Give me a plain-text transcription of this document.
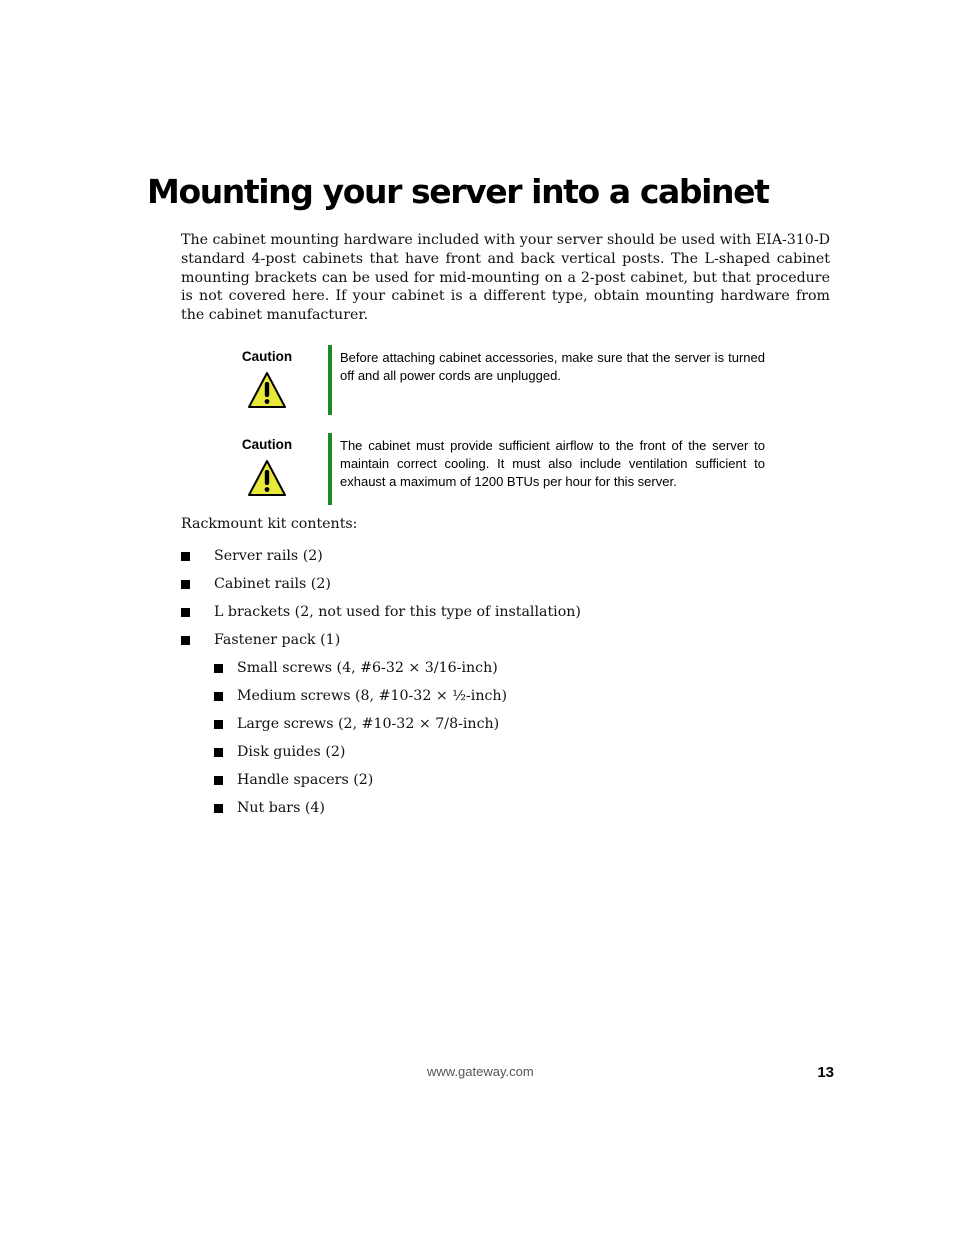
Mounting your server into a cabinet

The cabinet mounting hardware included with your server should be used with EIA-310-D standard 4-post cabinets that have front and back vertical posts. The L-shaped cabinet mounting brackets can be used for mid-mounting on a 2-post cabinet, but that procedure is not covered here. If your cabinet is a different type, obtain mounting hardware from the cabinet manufacturer.

Caution	Before attaching cabinet accessories, make sure that the server is turned off and all power cords are unplugged.

Caution	The cabinet must provide sufficient airflow to the front of the server to maintain correct cooling. It must also include ventilation sufficient to exhaust a maximum of 1200 BTUs per hour for this server.

Rackmount kit contents:

Server rails (2)
Cabinet rails (2)
L brackets (2, not used for this type of installation)
Fastener pack (1)
Small screws (4, #6-32 × 3/16-inch)
Medium screws (8, #10-32 × ½-inch)
Large screws (2, #10-32 × 7/8-inch)
Disk guides (2)
Handle spacers (2)
Nut bars (4)
www.gateway.com	13
